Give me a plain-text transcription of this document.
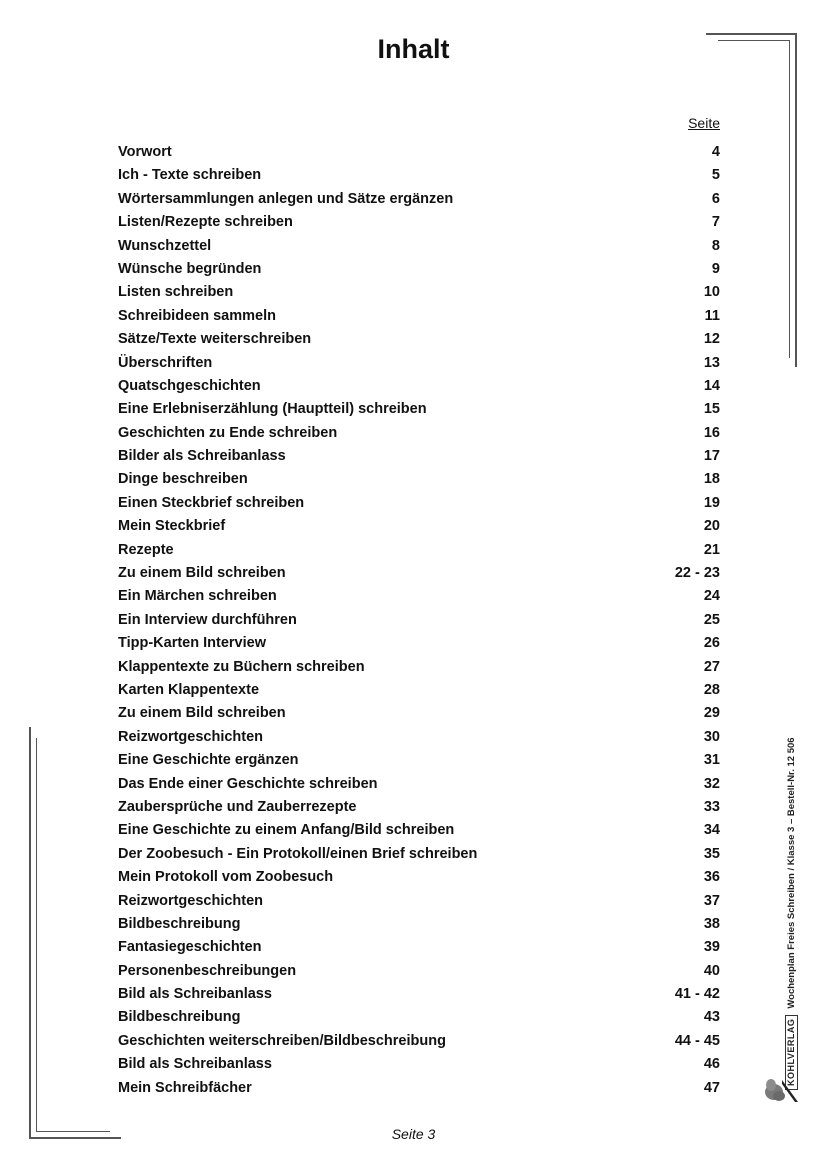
Inhalt
Seite
Vorwort	4
Ich - Texte schreiben	5
Wörtersammlungen anlegen und Sätze ergänzen	6
Listen/Rezepte schreiben	7
Wunschzettel	8
Wünsche begründen	9
Listen schreiben	10
Schreibideen sammeln	11
Sätze/Texte weiterschreiben	12
Überschriften	13
Quatschgeschichten	14
Eine Erlebniserzählung (Hauptteil) schreiben	15
Geschichten zu Ende schreiben	16
Bilder als Schreibanlass	17
Dinge beschreiben	18
Einen Steckbrief schreiben	19
Mein Steckbrief	20
Rezepte	21
Zu einem Bild schreiben	22 - 23
Ein Märchen schreiben	24
Ein Interview durchführen	25
Tipp-Karten Interview	26
Klappentexte zu Büchern schreiben	27
Karten Klappentexte	28
Zu einem Bild schreiben	29
Reizwortgeschichten	30
Eine Geschichte ergänzen	31
Das Ende einer Geschichte schreiben	32
Zaubersprüche und Zauberrezepte	33
Eine Geschichte zu einem Anfang/Bild schreiben	34
Der Zoobesuch - Ein Protokoll/einen Brief schreiben	35
Mein Protokoll vom Zoobesuch	36
Reizwortgeschichten	37
Bildbeschreibung	38
Fantasiegeschichten	39
Personenbeschreibungen	40
Bild als Schreibanlass	41 - 42
Bildbeschreibung	43
Geschichten weiterschreiben/Bildbeschreibung	44 - 45
Bild als Schreibanlass	46
Mein Schreibfächer	47
Seite 3
KOHLVERLAG
Wochenplan Freies Schreiben / Klasse 3 – Bestell-Nr. 12 506
